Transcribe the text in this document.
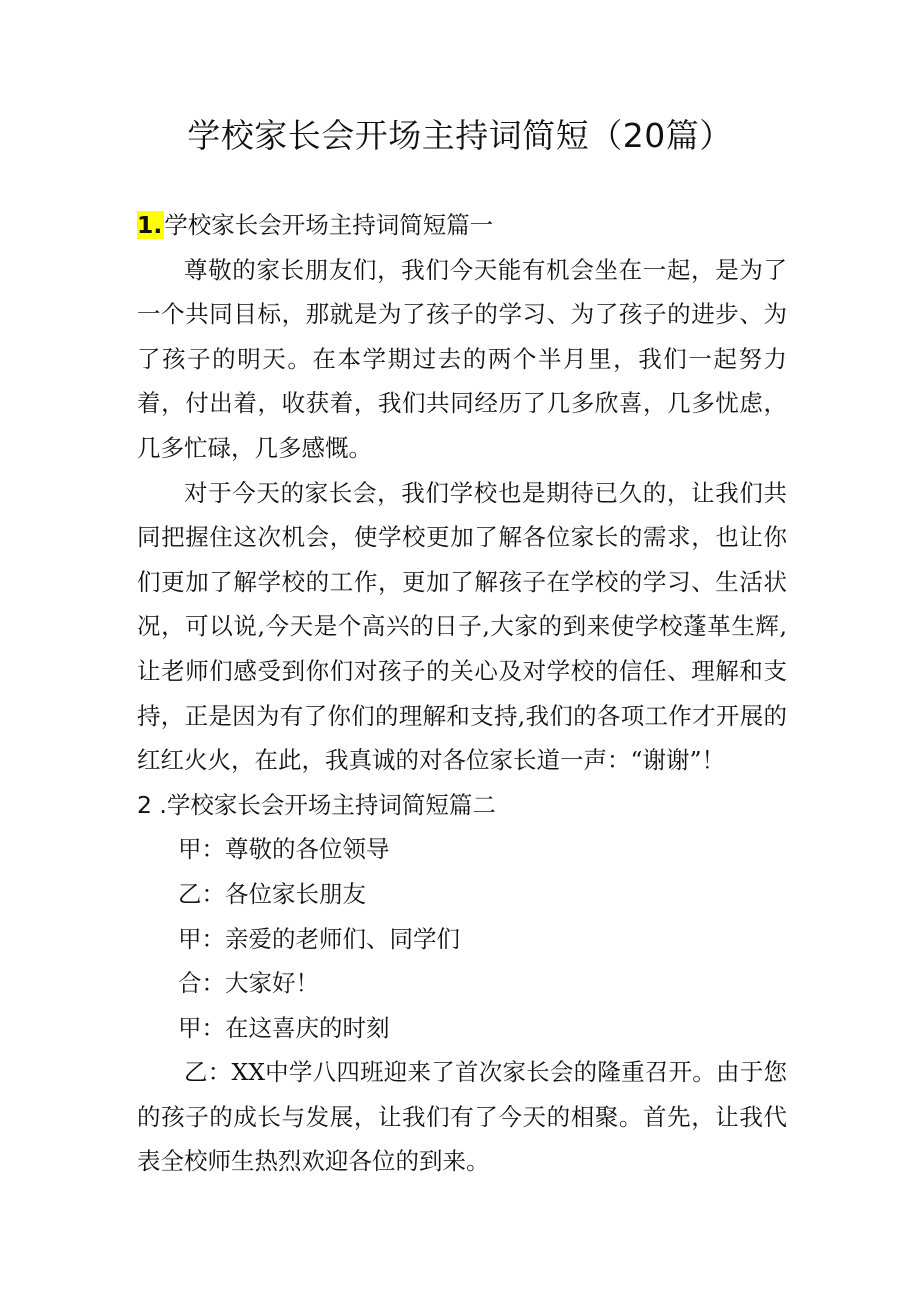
学校家长会开场主持词简短（20篇）

1.学校家长会开场主持词简短篇一

尊敬的家长朋友们，我们今天能有机会坐在一起，是为了一个共同目标，那就是为了孩子的学习、为了孩子的进步、为了孩子的明天。在本学期过去的两个半月里，我们一起努力着，付出着，收获着，我们共同经历了几多欣喜，几多忧虑，几多忙碌，几多感慨。

对于今天的家长会，我们学校也是期待已久的，让我们共同把握住这次机会，使学校更加了解各位家长的需求，也让你们更加了解学校的工作，更加了解孩子在学校的学习、生活状况，可以说,今天是个高兴的日子,大家的到来使学校蓬革生辉,让老师们感受到你们对孩子的关心及对学校的信任、理解和支持，正是因为有了你们的理解和支持,我们的各项工作才开展的红红火火，在此，我真诚的对各位家长道一声：“谢谢”！

2 .学校家长会开场主持词简短篇二

甲：尊敬的各位领导

乙：各位家长朋友

甲：亲爱的老师们、同学们

合：大家好！

甲：在这喜庆的时刻

乙：XX中学八四班迎来了首次家长会的隆重召开。由于您的孩子的成长与发展，让我们有了今天的相聚。首先，让我代表全校师生热烈欢迎各位的到来。
